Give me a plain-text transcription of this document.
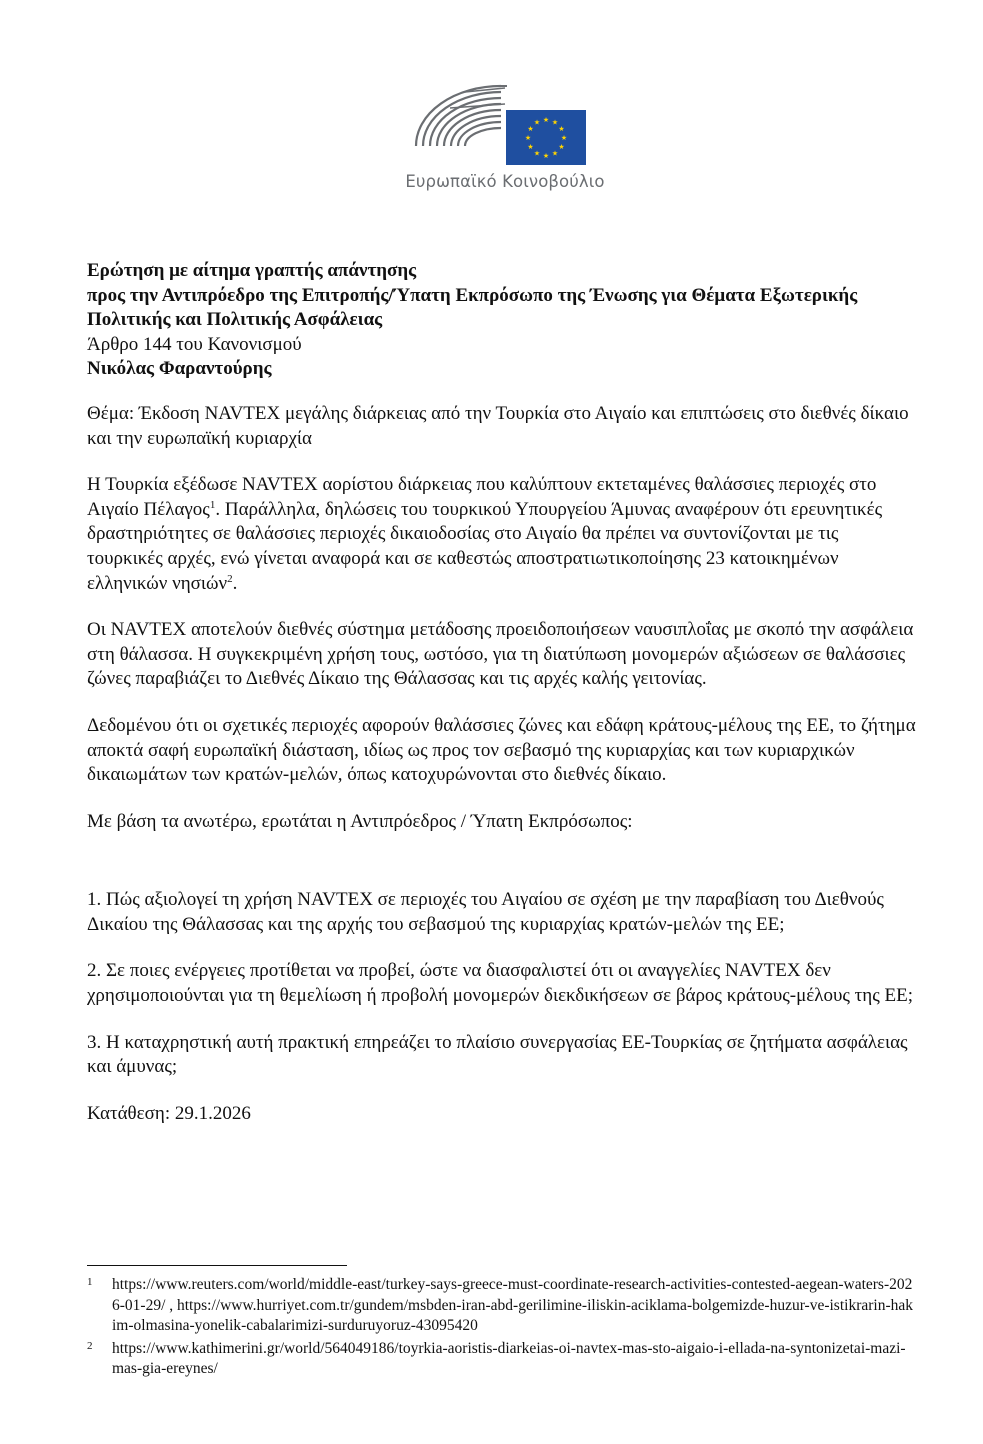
★ ★
★
★
★
★
★
★
★
★
★
★
Ευρωπαϊκό Κοινοβούλιο

Ερώτηση με αίτημα γραπτής απάντησης

προς την Αντιπρόεδρο της Επιτροπής/Ύπατη Εκπρόσωπο της Ένωσης για Θέματα Εξωτερικής Πολιτικής και Πολιτικής Ασφάλειας

Άρθρο 144 του Κανονισμού

Νικόλας Φαραντούρης

Θέμα: Έκδοση NAVTEX μεγάλης διάρκειας από την Τουρκία στο Αιγαίο και επιπτώσεις στο διεθνές δίκαιο και την ευρωπαϊκή κυριαρχία

Η Τουρκία εξέδωσε NAVTEX αορίστου διάρκειας που καλύπτουν εκτεταμένες θαλάσσιες περιοχές στο Αιγαίο Πέλαγος$^1$. Παράλληλα, δηλώσεις του τουρκικού Υπουργείου Άμυνας αναφέρουν ότι ερευνητικές δραστηριότητες σε θαλάσσιες περιοχές δικαιοδοσίας στο Αιγαίο θα πρέπει να συντονίζονται με τις τουρκικές αρχές, ενώ γίνεται αναφορά και σε καθεστώς αποστρατιωτικοποίησης 23 κατοικημένων ελληνικών νησιών$^2$.

Οι NAVTEX αποτελούν διεθνές σύστημα μετάδοσης προειδοποιήσεων ναυσιπλοΐας με σκοπό την ασφάλεια στη θάλασσα. Η συγκεκριμένη χρήση τους, ωστόσο, για τη διατύπωση μονομερών αξιώσεων σε θαλάσσιες ζώνες παραβιάζει το Διεθνές Δίκαιο της Θάλασσας και τις αρχές καλής γειτονίας.

Δεδομένου ότι οι σχετικές περιοχές αφορούν θαλάσσιες ζώνες και εδάφη κράτους-μέλους της ΕΕ, το ζήτημα αποκτά σαφή ευρωπαϊκή διάσταση, ιδίως ως προς τον σεβασμό της κυριαρχίας και των κυριαρχικών δικαιωμάτων των κρατών-μελών, όπως κατοχυρώνονται στο διεθνές δίκαιο.

Με βάση τα ανωτέρω, ερωτάται η Αντιπρόεδρος / Ύπατη Εκπρόσωπος:

1. Πώς αξιολογεί τη χρήση NAVTEX σε περιοχές του Αιγαίου σε σχέση με την παραβίαση του Διεθνούς Δικαίου της Θάλασσας και της αρχής του σεβασμού της κυριαρχίας κρατών-μελών της ΕΕ;

2. Σε ποιες ενέργειες προτίθεται να προβεί, ώστε να διασφαλιστεί ότι οι αναγγελίες NAVTEX δεν χρησιμοποιούνται για τη θεμελίωση ή προβολή μονομερών διεκδικήσεων σε βάρος κράτους-μέλους της ΕΕ;

3. Η καταχρηστική αυτή πρακτική επηρεάζει το πλαίσιο συνεργασίας ΕΕ-Τουρκίας σε ζητήματα ασφάλειας και άμυνας;

Κατάθεση: 29.1.2026

1	https://www.reuters.com/world/middle-east/turkey-says-greece-must-coordinate-research-activities-contested-aegean-waters-2026-01-29/ , https://www.hurriyet.com.tr/gundem/msbden-iran-abd-gerilimine-iliskin-aciklama-bolgemizde-huzur-ve-istikrarin-hakim-olmasina-yonelik-cabalarimizi-surduruyoruz-43095420
2	https://www.kathimerini.gr/world/564049186/toyrkia-aoristis-diarkeias-oi-navtex-mas-sto-aigaio-i-ellada-na-syntonizetai-mazi-mas-gia-ereynes/
